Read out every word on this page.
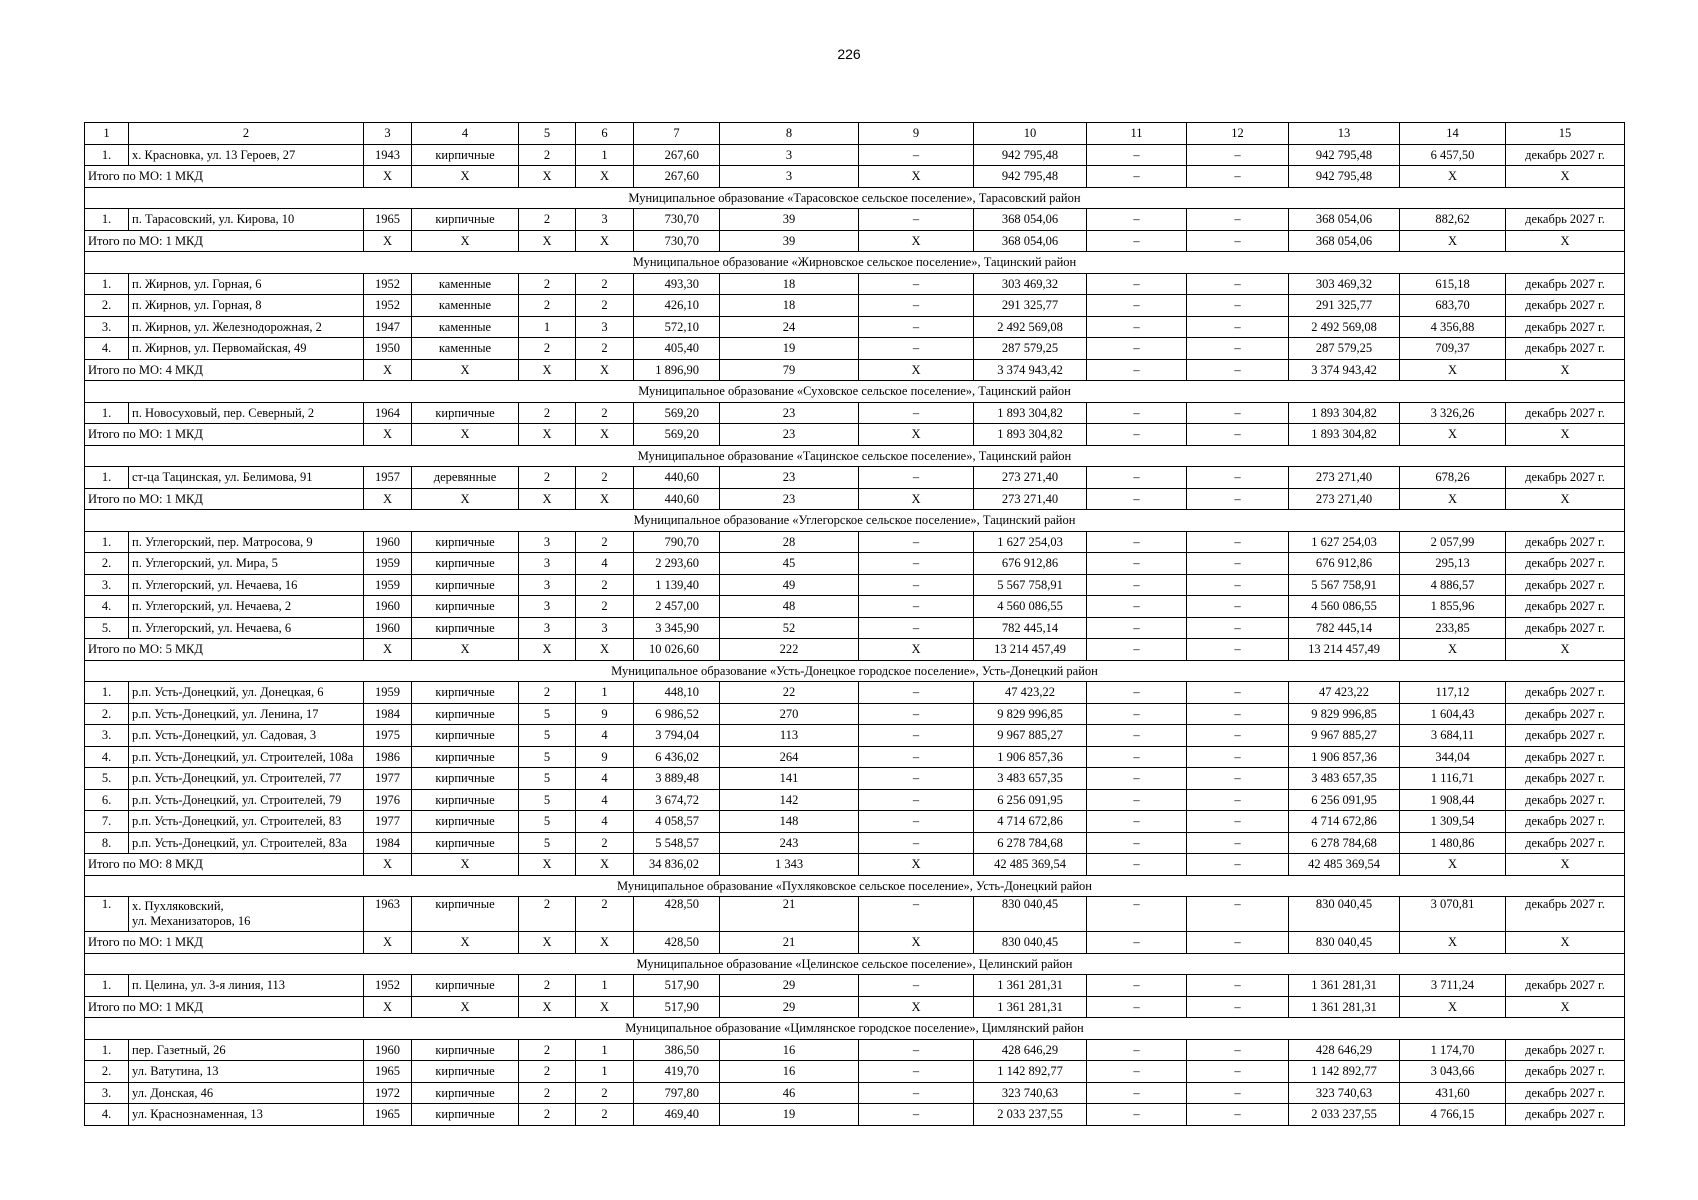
226
1	2	3	4	5	6	7	8	9	10	11	12	13	14	15
1.	х. Красновка, ул. 13 Героев, 27	1943	кирпичные	2	1	267,60	3	–	942 795,48	–	–	942 795,48	6 457,50	декабрь 2027 г.
Итого по МО: 1 МКД		X	X	X	X	267,60	3	X	942 795,48	–	–	942 795,48	X	X
Муниципальное образование «Тарасовское сельское поселение», Тарасовский район														
1.	п. Тарасовский, ул. Кирова, 10	1965	кирпичные	2	3	730,70	39	–	368 054,06	–	–	368 054,06	882,62	декабрь 2027 г.
Итого по МО: 1 МКД		X	X	X	X	730,70	39	X	368 054,06	–	–	368 054,06	X	X
Муниципальное образование «Жирновское сельское поселение», Тацинский район														
1.	п. Жирнов, ул. Горная, 6	1952	каменные	2	2	493,30	18	–	303 469,32	–	–	303 469,32	615,18	декабрь 2027 г.
2.	п. Жирнов, ул. Горная, 8	1952	каменные	2	2	426,10	18	–	291 325,77	–	–	291 325,77	683,70	декабрь 2027 г.
3.	п. Жирнов, ул. Железнодорожная, 2	1947	каменные	1	3	572,10	24	–	2 492 569,08	–	–	2 492 569,08	4 356,88	декабрь 2027 г.
4.	п. Жирнов, ул. Первомайская, 49	1950	каменные	2	2	405,40	19	–	287 579,25	–	–	287 579,25	709,37	декабрь 2027 г.
Итого по МО: 4 МКД		X	X	X	X	1 896,90	79	X	3 374 943,42	–	–	3 374 943,42	X	X
Муниципальное образование «Суховское сельское поселение», Тацинский район														
1.	п. Новосуховый, пер. Северный, 2	1964	кирпичные	2	2	569,20	23	–	1 893 304,82	–	–	1 893 304,82	3 326,26	декабрь 2027 г.
Итого по МО: 1 МКД		X	X	X	X	569,20	23	X	1 893 304,82	–	–	1 893 304,82	X	X
Муниципальное образование «Тацинское сельское поселение», Тацинский район														
1.	ст-ца Тацинская, ул. Белимова, 91	1957	деревянные	2	2	440,60	23	–	273 271,40	–	–	273 271,40	678,26	декабрь 2027 г.
Итого по МО: 1 МКД		X	X	X	X	440,60	23	X	273 271,40	–	–	273 271,40	X	X
Муниципальное образование «Углегорское сельское поселение», Тацинский район														
1.	п. Углегорский, пер. Матросова, 9	1960	кирпичные	3	2	790,70	28	–	1 627 254,03	–	–	1 627 254,03	2 057,99	декабрь 2027 г.
2.	п. Углегорский, ул. Мира, 5	1959	кирпичные	3	4	2 293,60	45	–	676 912,86	–	–	676 912,86	295,13	декабрь 2027 г.
3.	п. Углегорский, ул. Нечаева, 16	1959	кирпичные	3	2	1 139,40	49	–	5 567 758,91	–	–	5 567 758,91	4 886,57	декабрь 2027 г.
4.	п. Углегорский, ул. Нечаева, 2	1960	кирпичные	3	2	2 457,00	48	–	4 560 086,55	–	–	4 560 086,55	1 855,96	декабрь 2027 г.
5.	п. Углегорский, ул. Нечаева, 6	1960	кирпичные	3	3	3 345,90	52	–	782 445,14	–	–	782 445,14	233,85	декабрь 2027 г.
Итого по МО: 5 МКД		X	X	X	X	10 026,60	222	X	13 214 457,49	–	–	13 214 457,49	X	X
Муниципальное образование «Усть-Донецкое городское поселение», Усть-Донецкий район														
1.	р.п. Усть-Донецкий, ул. Донецкая, 6	1959	кирпичные	2	1	448,10	22	–	47 423,22	–	–	47 423,22	117,12	декабрь 2027 г.
2.	р.п. Усть-Донецкий, ул. Ленина, 17	1984	кирпичные	5	9	6 986,52	270	–	9 829 996,85	–	–	9 829 996,85	1 604,43	декабрь 2027 г.
3.	р.п. Усть-Донецкий, ул. Садовая, 3	1975	кирпичные	5	4	3 794,04	113	–	9 967 885,27	–	–	9 967 885,27	3 684,11	декабрь 2027 г.
4.	р.п. Усть-Донецкий, ул. Строителей, 108а	1986	кирпичные	5	9	6 436,02	264	–	1 906 857,36	–	–	1 906 857,36	344,04	декабрь 2027 г.
5.	р.п. Усть-Донецкий, ул. Строителей, 77	1977	кирпичные	5	4	3 889,48	141	–	3 483 657,35	–	–	3 483 657,35	1 116,71	декабрь 2027 г.
6.	р.п. Усть-Донецкий, ул. Строителей, 79	1976	кирпичные	5	4	3 674,72	142	–	6 256 091,95	–	–	6 256 091,95	1 908,44	декабрь 2027 г.
7.	р.п. Усть-Донецкий, ул. Строителей, 83	1977	кирпичные	5	4	4 058,57	148	–	4 714 672,86	–	–	4 714 672,86	1 309,54	декабрь 2027 г.
8.	р.п. Усть-Донецкий, ул. Строителей, 83а	1984	кирпичные	5	2	5 548,57	243	–	6 278 784,68	–	–	6 278 784,68	1 480,86	декабрь 2027 г.
Итого по МО: 8 МКД		X	X	X	X	34 836,02	1 343	X	42 485 369,54	–	–	42 485 369,54	X	X
Муниципальное образование «Пухляковское сельское поселение», Усть-Донецкий район														
1.	х. Пухляковский,
ул. Механизаторов, 16	1963	кирпичные	2	2	428,50	21	–	830 040,45	–	–	830 040,45	3 070,81	декабрь 2027 г.
Итого по МО: 1 МКД		X	X	X	X	428,50	21	X	830 040,45	–	–	830 040,45	X	X
Муниципальное образование «Целинское сельское поселение», Целинский район														
1.	п. Целина, ул. 3-я линия, 113	1952	кирпичные	2	1	517,90	29	–	1 361 281,31	–	–	1 361 281,31	3 711,24	декабрь 2027 г.
Итого по МО: 1 МКД		X	X	X	X	517,90	29	X	1 361 281,31	–	–	1 361 281,31	X	X
Муниципальное образование «Цимлянское городское поселение», Цимлянский район														
1.	пер. Газетный, 26	1960	кирпичные	2	1	386,50	16	–	428 646,29	–	–	428 646,29	1 174,70	декабрь 2027 г.
2.	ул. Ватутина, 13	1965	кирпичные	2	1	419,70	16	–	1 142 892,77	–	–	1 142 892,77	3 043,66	декабрь 2027 г.
3.	ул. Донская, 46	1972	кирпичные	2	2	797,80	46	–	323 740,63	–	–	323 740,63	431,60	декабрь 2027 г.
4.	ул. Краснознаменная, 13	1965	кирпичные	2	2	469,40	19	–	2 033 237,55	–	–	2 033 237,55	4 766,15	декабрь 2027 г.
